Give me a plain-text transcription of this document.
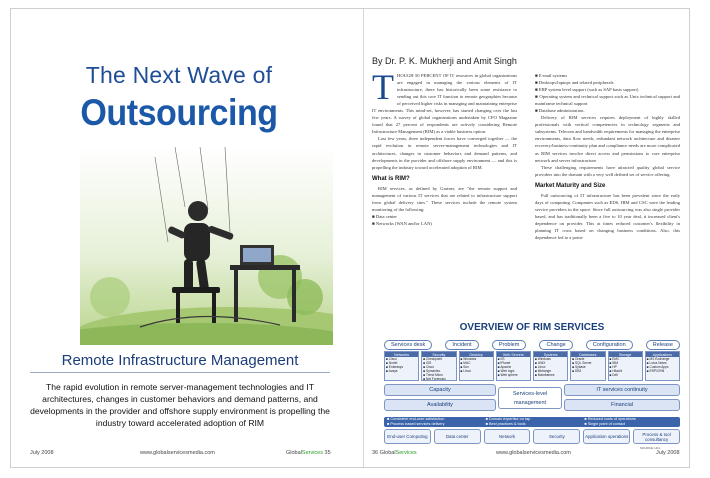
The Next Wave of
Outsourcing
Remote Infrastructure Management
The rapid evolution in remote server-management technologies and IT architectures, changes in customer behaviors and demand patterns, and developments in the provider and offshore supply environment is propelling the industry toward accelerated adoption of RIM
July 2008	www.globalservicesmedia.com	GlobalServices 35	36 GlobalServices	www.globalservicesmedia.com	July 2008
By Dr. P. K. Mukherji and Amit Singh

THOUGH 50 PERCENT OF IT resources in global organizations are engaged in managing the various elements of IT infrastructure, there has historically been some resistance to sending out this core IT function to remote geographies because of perceived higher risks in managing and maintaining enterprise IT environments. This mind-set, however, has started changing over the last few years. A survey of global organizations undertaken by CFO Magazine found that 27 percent of respondents are actively considering Remote Infrastructure Management (RIM) as a viable business option.

Last few years, three independent forces have converged together — the rapid evolution in remote server-management technologies and IT architectures, changes in customer behaviors and demand patterns, and developments in the provider and offshore supply environment — and this is propelling the industry toward accelerated adoption of RIM.

What is RIM?

RIM services, as defined by Gartner, are "the remote support and management of various IT services that are related to infrastructure support from global delivery sites." These services include the remote system monitoring of the following:

■ Data center

■ Networks (WAN and/or LAN)

■ E-mail systems

■ Desktops/laptops and related peripherals

■ ERP system level support (such as SAP basis support)

■ Operating system and technical support such as Unix technical support and mainframe technical support

■ Database administration.

Delivery of RIM services requires deployment of highly skilled professionals with vertical competencies in technology segments and subsystems. Telecom and bandwidth requirements for managing the enterprise environments, data flow needs, redundant network architecture and disaster recovery/business-continuity plan and compliance needs are more complicated as RIM services involve direct access and permissions to core enterprise network and server infrastructure.

These challenging requirements have attracted quality global service providers into the domain with a very well defined set of service offering.

Market Maturity and Size

Full outsourcing of IT infrastructure has been prevalent since the early days of computing. Companies such as EDS, IBM and CSC were the leading service providers in the space. Since full outsourcing was also single provider based, and has traditionally been a five to 10 year deal, it increased client's dependence on provider. This at times reduced customer's flexibility in planning IT costs based on changing business conditions. Also, this dependence led to a point-

OVERVIEW OF RIM SERVICES
Services desk	Incident	Problem	Change	Configuration	Release
Networks
■ Cisco
■ Nortel
■ Enterasys
■ Avaya
Security
■ Checkpoint
■ ISS
■ Cisco
■ Symantec
■ Trend Micro
■ Net Forensics
Desktop
■ Windows
■ MAC
■ Sun
■ Linux
Web Servers
■ IIS
■ iPlanet
■ Apache
■ Web logic
■ Web sphere
Systems
■ Windows
■ UNIX
■ Linux
■ Midrange
■ Mainframes
Databases
■ Oracle
■ SQL Server
■ Sybase
■ DB2
Storage
■ EMC
■ IBM
■ HP
■ Hitachi
■ Dell
Applications
■ MS Exchange
■ Lotus Notes
■ Custom Apps
■ ERP/CRM
Capacity
Availability
Services-level management
IT services continuity
Financial
■ Consistent end-user satisfaction
■ Process based services delivery
■ Domain expertise on tap
■ Best practices & tools
■ Reduced costs of operations
■ Single point of contact
End-user Computing	Data center	Network	Security	Application operations	Process & tool consultancy
SOURCE: HCL
